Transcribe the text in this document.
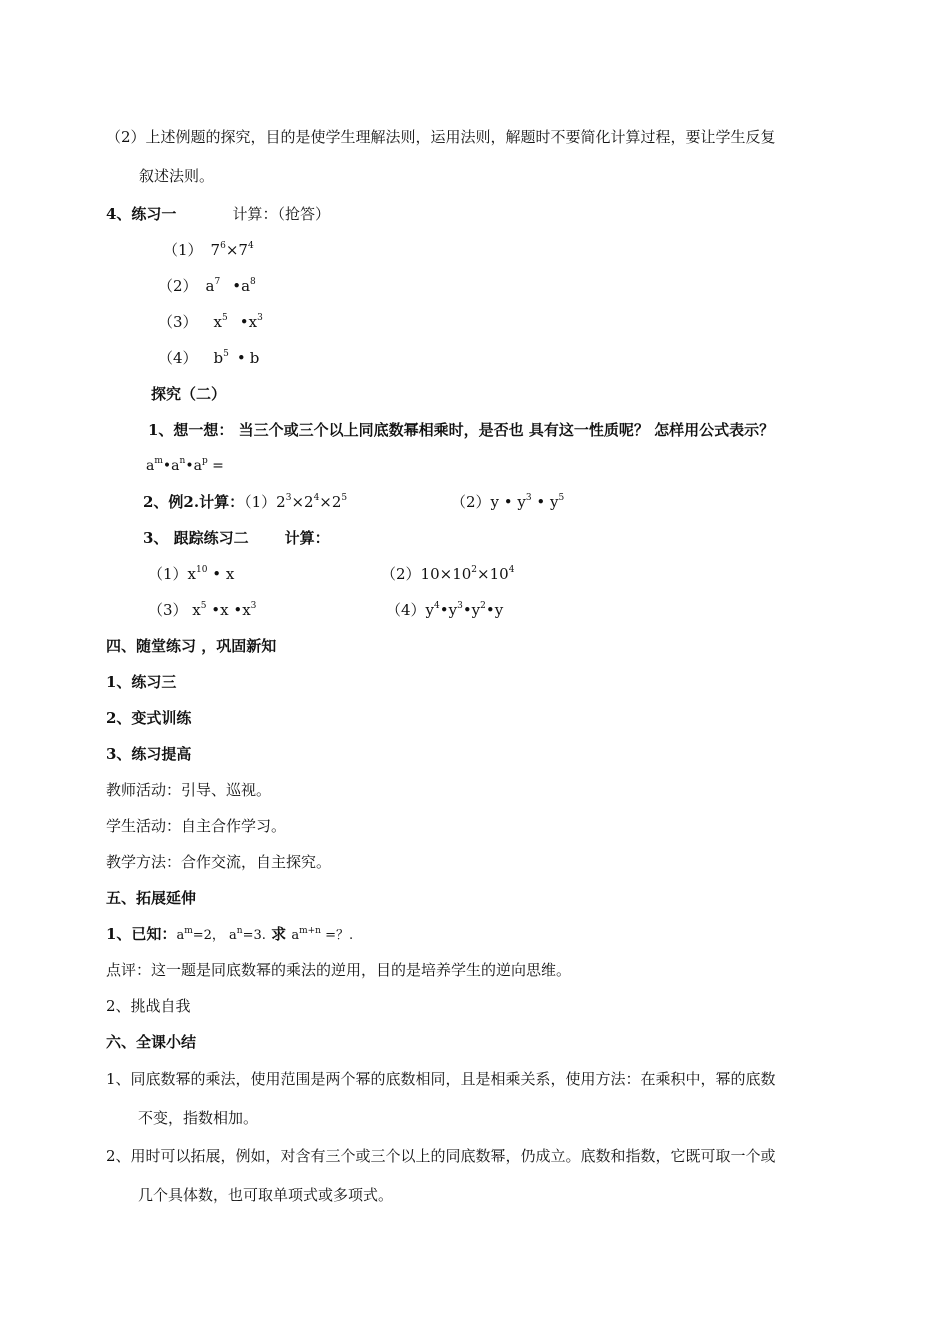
（2）上述例题的探究，目的是使学生理解法则，运用法则，解题时不要简化计算过程，要让学生反复
叙述法则。
4、练习一	计算：（抢答）
（1） $7^6\times 7^4$
（2） $a^7$ $•a^8$
（3） $x^5$ $•x^3$
（4） $b^5$ • b
探究（二）
1、想一想： 当三个或三个以上同底数幂相乘时，是否也 具有这一性质呢？ 怎样用公式表示？
$a^m•a^n•a^p$ =
2、例2.计算：$(1)2^3\times 2^4\times 2^5$	（2）y • $y^3$ • $y^5$
3、 跟踪练习二 计算：
$(1)x^{10}$ • x	$(2)10\times 10^2\times 10^4$
（3） $x^5$ •x $•x^3$	$(4)y^4•y^3•y^2•y$
四、随堂练习 ，巩固新知
1、练习三
2、变式训练
3、练习提高
教师活动：引导、巡视。
学生活动：自主合作学习。
教学方法：合作交流，自主探究。
五、拓展延伸
1、已知：$a^m=2$， $a^n=3$. 求 $a^{m+n}$ =？.
点评：这一题是同底数幂的乘法的逆用，目的是培养学生的逆向思维。
2、挑战自我
六、全课小结
1、同底数幂的乘法，使用范围是两个幂的底数相同，且是相乘关系，使用方法：在乘积中，幂的底数
不变，指数相加。
2、用时可以拓展，例如，对含有三个或三个以上的同底数幂，仍成立。底数和指数，它既可取一个或
几个具体数，也可取单项式或多项式。
